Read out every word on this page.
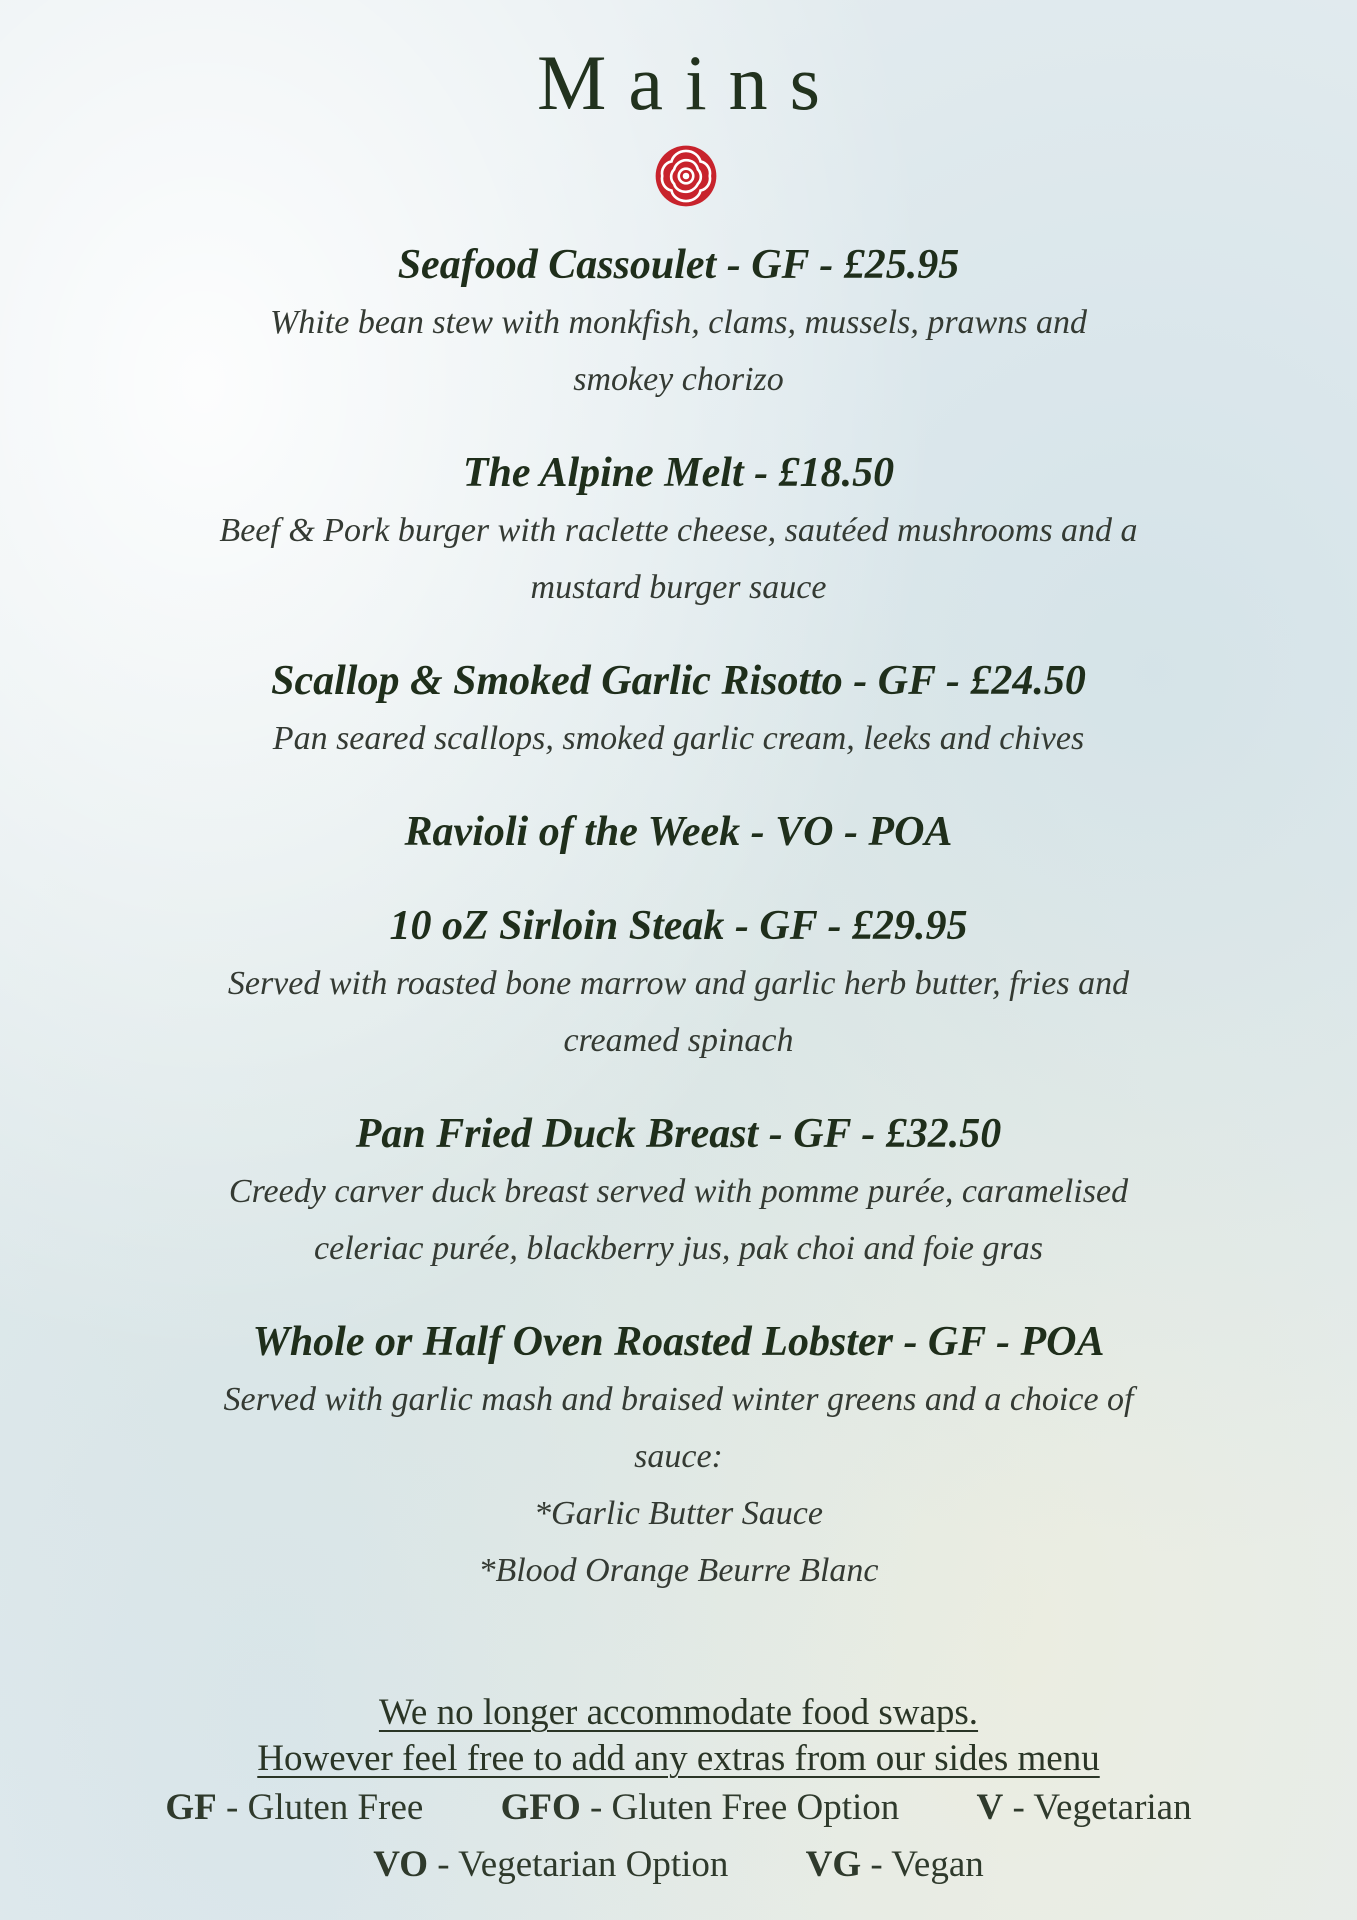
Mains
Seafood Cassoulet - GF - £25.95
White bean stew with monkfish, clams, mussels, prawns and
smokey chorizo
The Alpine Melt - £18.50
Beef & Pork burger with raclette cheese, sautéed mushrooms and a
mustard burger sauce
Scallop & Smoked Garlic Risotto - GF - £24.50
Pan seared scallops, smoked garlic cream, leeks and chives
Ravioli of the Week - VO - POA
10 oZ Sirloin Steak - GF - £29.95
Served with roasted bone marrow and garlic herb butter, fries and
creamed spinach
Pan Fried Duck Breast - GF - £32.50
Creedy carver duck breast served with pomme purée, caramelised
celeriac purée, blackberry jus, pak choi and foie gras
Whole or Half Oven Roasted Lobster - GF - POA
Served with garlic mash and braised winter greens and a choice of
sauce:
*Garlic Butter Sauce
*Blood Orange Beurre Blanc
We no longer accommodate food swaps.
However feel free to add any extras from our sides menu
GF - Gluten Free GFO - Gluten Free Option V - Vegetarian
VO - Vegetarian Option VG - Vegan
